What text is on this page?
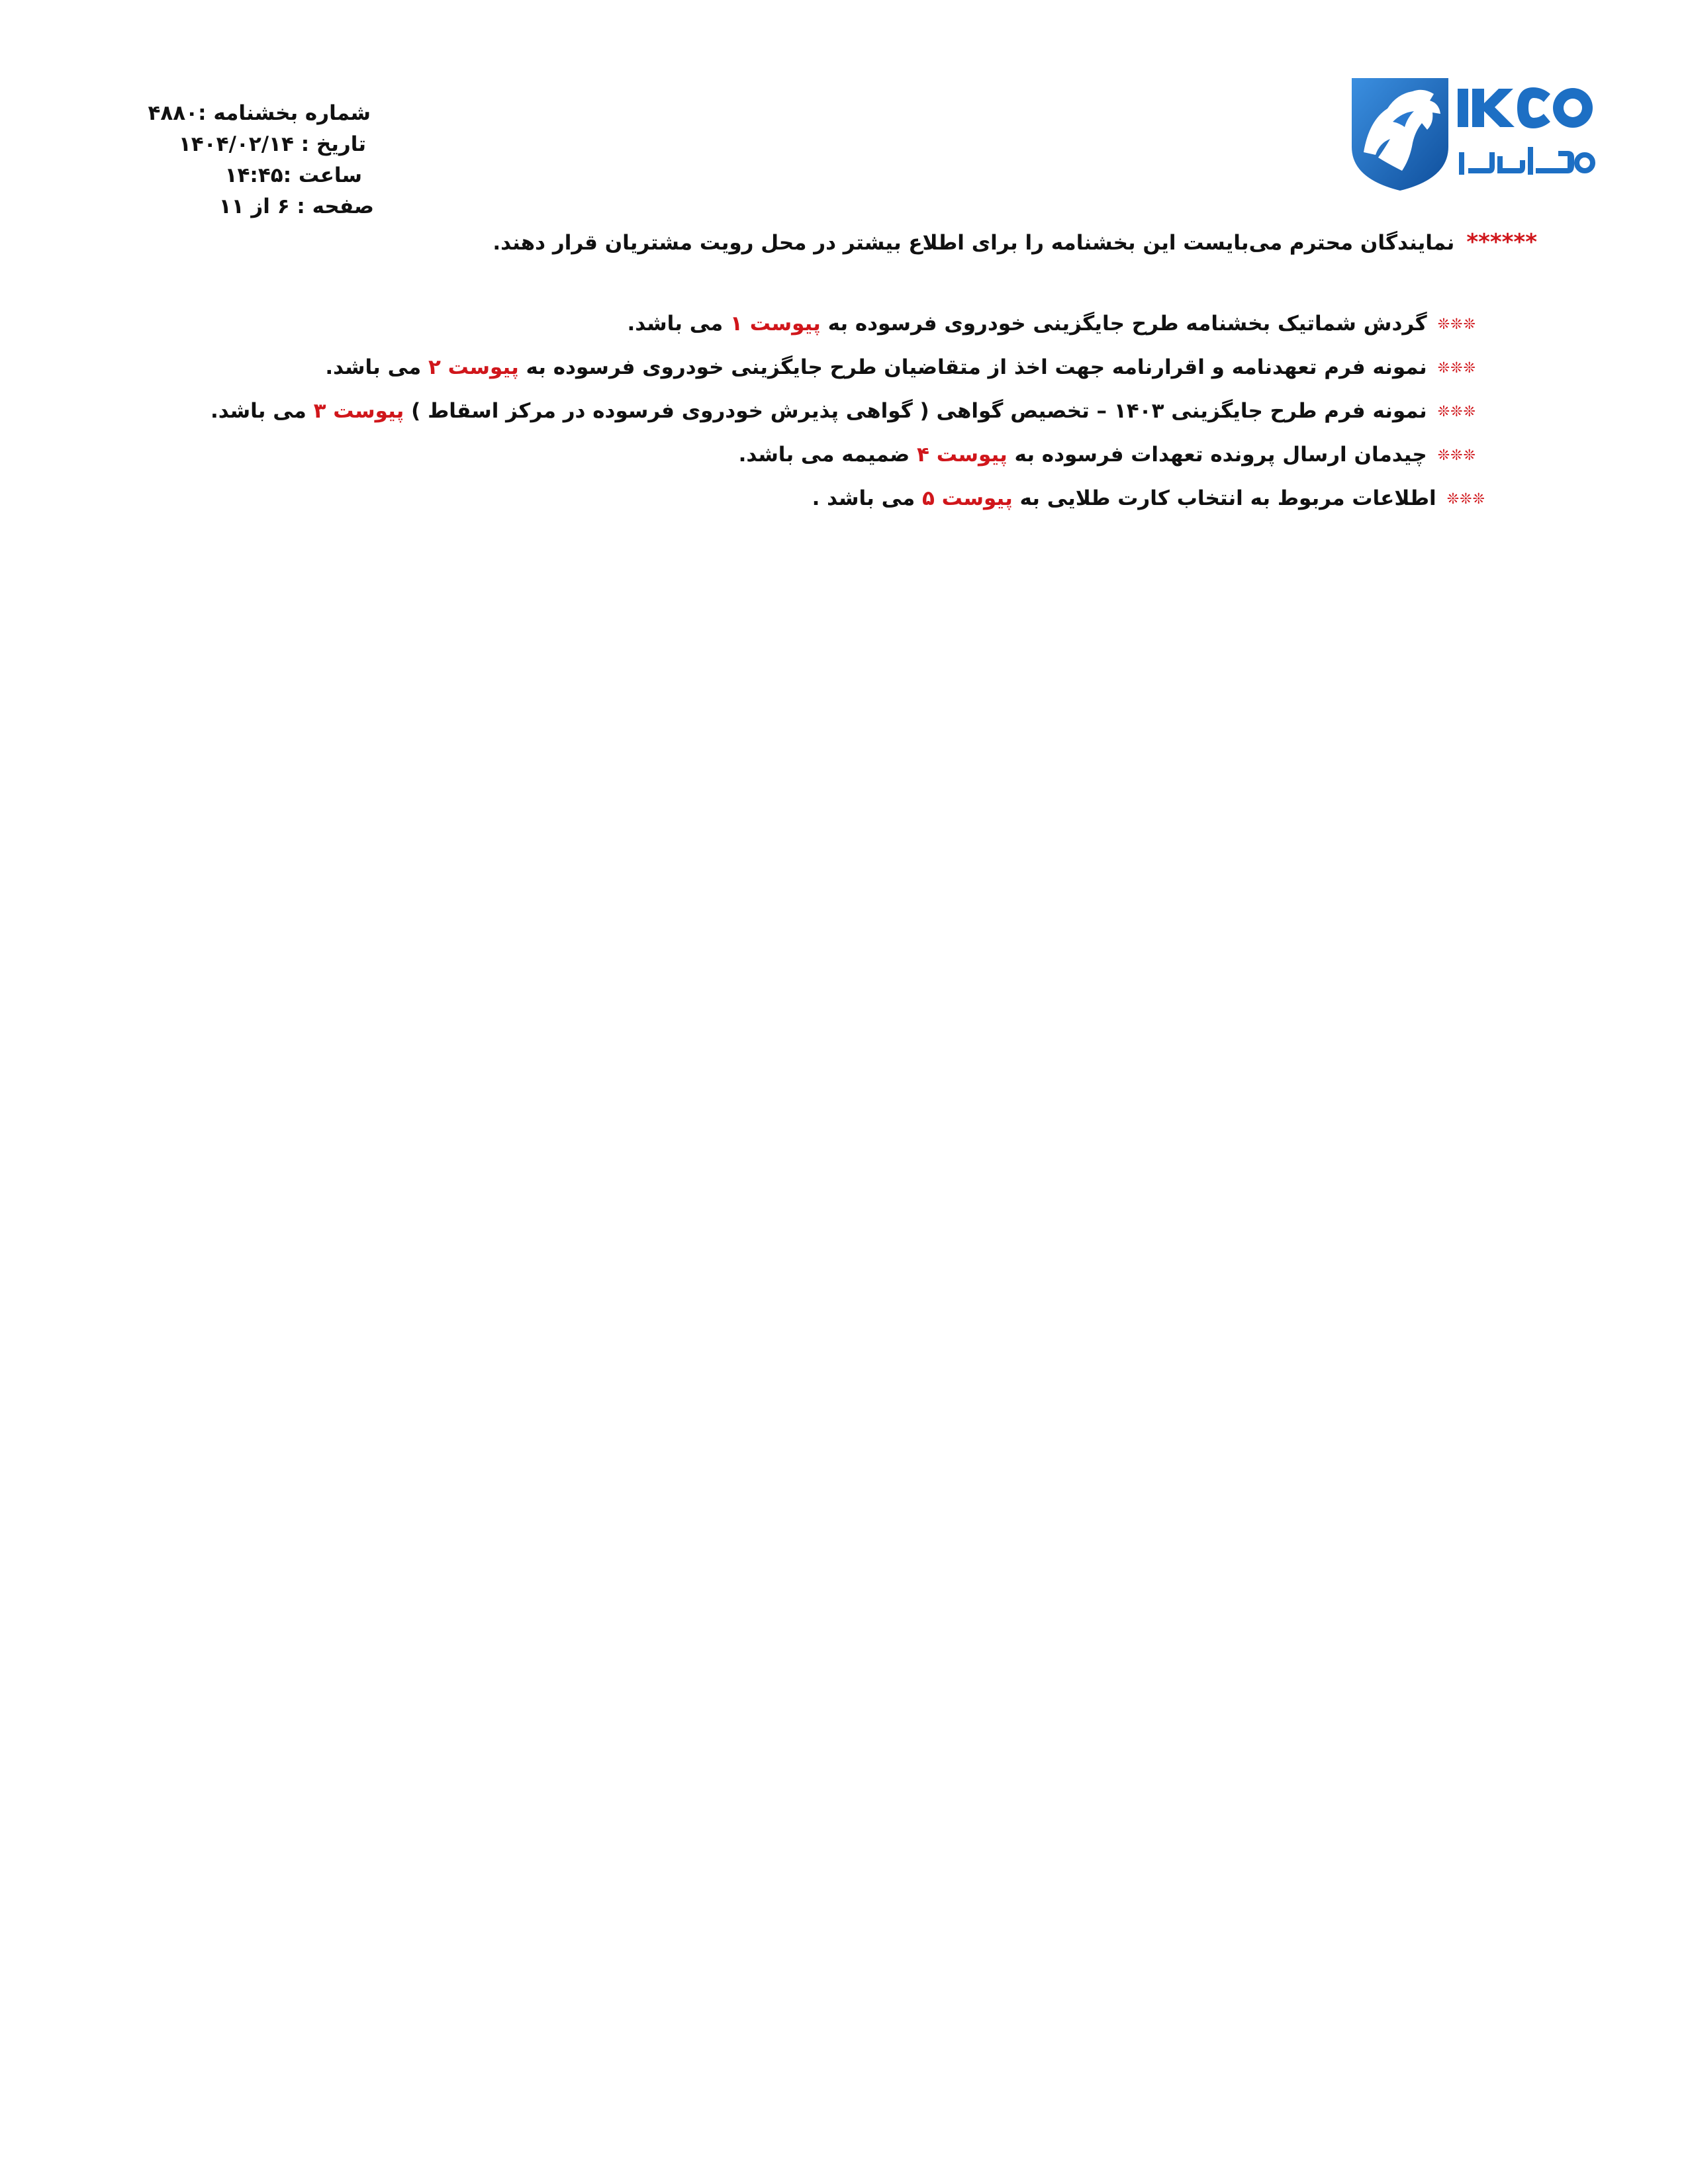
شماره بخشنامه :۴۸۸۰
تاریخ : ۱۴۰۴/۰۲/۱۴
ساعت :۱۴:۴۵
صفحه : ۶ از ۱۱
******نمایندگان محترم می‌بایست این بخشنامه را برای اطلاع بیشتر در محل رویت مشتریان قرار دهند.
❊❊❊گردش شماتیک بخشنامه طرح جایگزینی خودروی فرسوده به پیوست ۱ می باشد.
❊❊❊نمونه فرم تعهدنامه و اقرارنامه جهت اخذ از متقاضیان طرح جایگزینی خودروی فرسوده به پیوست ۲ می باشد.
❊❊❊نمونه فرم طرح جایگزینی ۱۴۰۳ – تخصیص گواهی ( گواهی پذیرش خودروی فرسوده در مرکز اسقاط ) پیوست ۳ می باشد.
❊❊❊چیدمان ارسال پرونده تعهدات فرسوده به پیوست ۴ ضمیمه می باشد.
❊❊❊اطلاعات مربوط به انتخاب کارت طلایی به پیوست ۵ می باشد .
